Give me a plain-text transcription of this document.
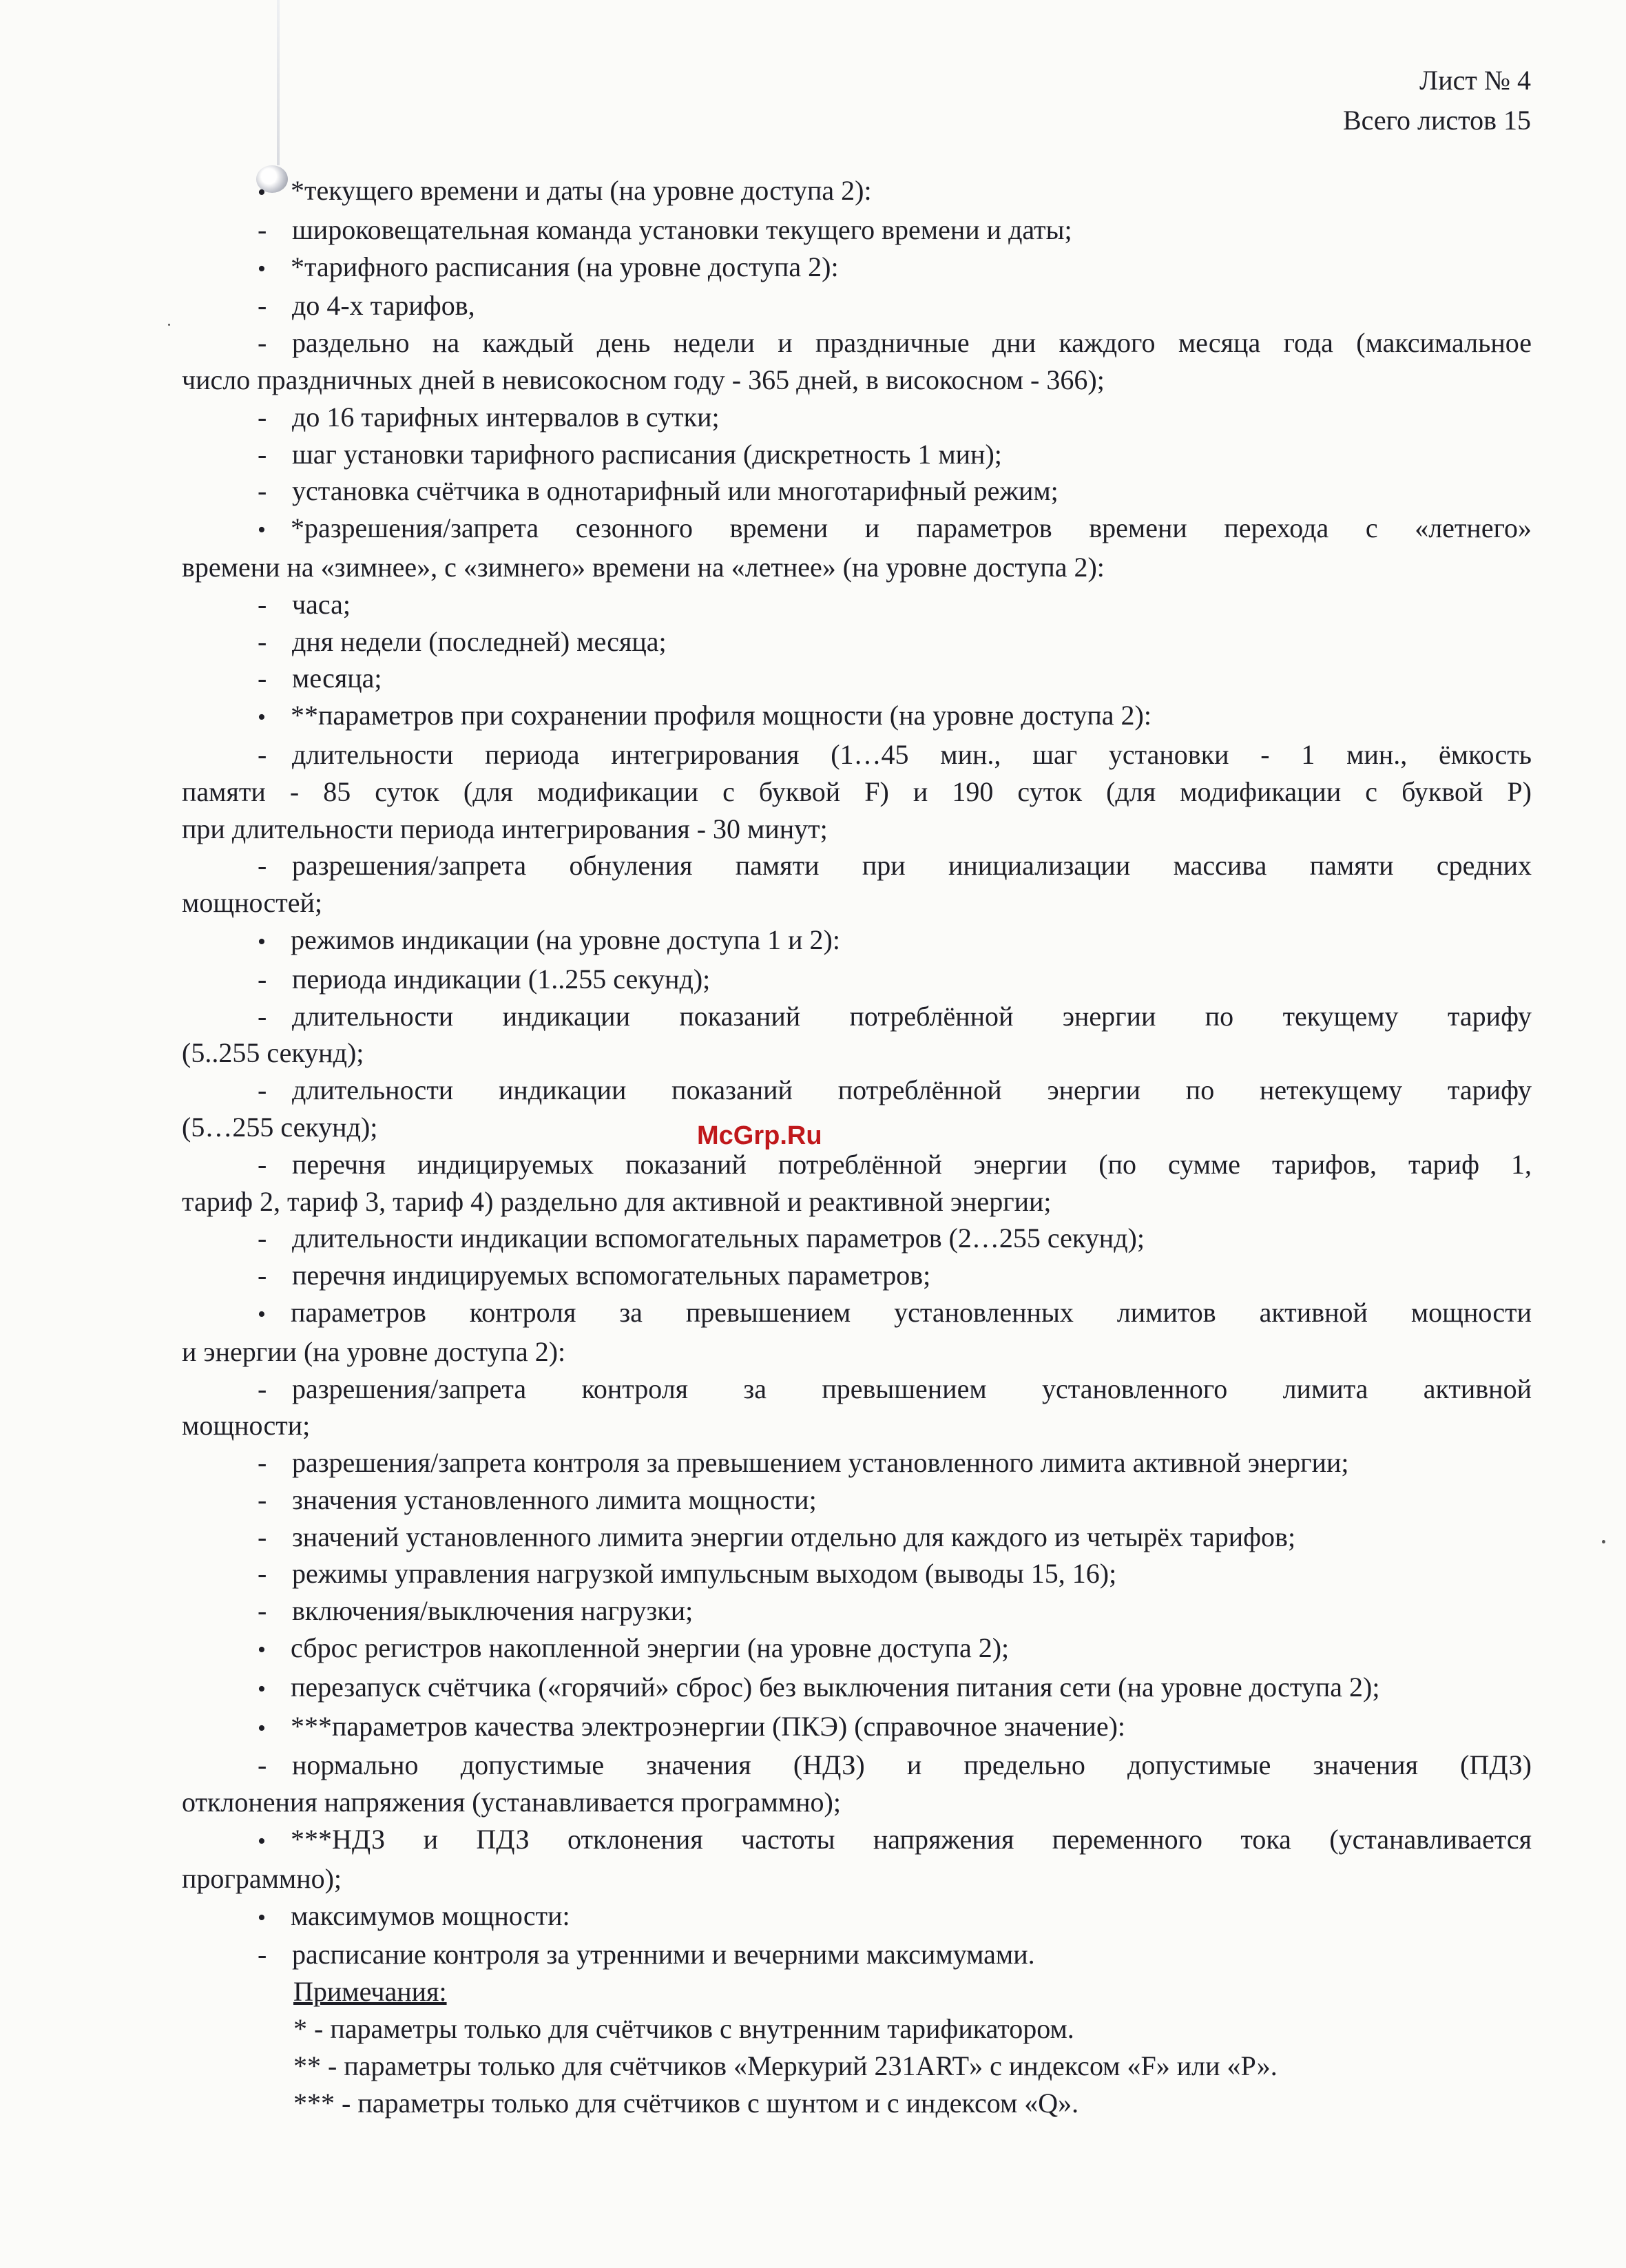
Лист № 4
Всего листов 15
• *текущего времени и даты (на уровне доступа 2):
- широковещательная команда установки текущего времени и даты;
• *тарифного расписания (на уровне доступа 2):
- до 4-х тарифов,
- раздельно на каждый день недели и праздничные дни каждого месяца года (максимальное
число праздничных дней в невисокосном году - 365 дней, в високосном - 366);
- до 16 тарифных интервалов в сутки;
- шаг установки тарифного расписания (дискретность 1 мин);
- установка счётчика в однотарифный или многотарифный режим;
• *разрешения/запрета сезонного времени и параметров времени перехода с «летнего»
времени на «зимнее», с «зимнего» времени на «летнее» (на уровне доступа 2):
- часа;
- дня недели (последней) месяца;
- месяца;
• **параметров при сохранении профиля мощности (на уровне доступа 2):
- длительности периода интегрирования (1…45 мин., шаг установки - 1 мин., ёмкость
памяти - 85 суток (для модификации с буквой F) и 190 суток (для модификации с буквой Р)
при длительности периода интегрирования - 30 минут;
- разрешения/запрета обнуления памяти при инициализации массива памяти средних
мощностей;
• режимов индикации (на уровне доступа 1 и 2):
- периода индикации (1..255 секунд);
- длительности индикации показаний потреблённой энергии по текущему тарифу
(5..255 секунд);
- длительности индикации показаний потреблённой энергии по нетекущему тарифу
(5…255 секунд);
- перечня индицируемых показаний потреблённой энергии (по сумме тарифов, тариф 1,
тариф 2, тариф 3, тариф 4) раздельно для активной и реактивной энергии;
- длительности индикации вспомогательных параметров (2…255 секунд);
- перечня индицируемых вспомогательных параметров;
• параметров контроля за превышением установленных лимитов активной мощности
и энергии (на уровне доступа 2):
- разрешения/запрета контроля за превышением установленного лимита активной
мощности;
- разрешения/запрета контроля за превышением установленного лимита активной энергии;
- значения установленного лимита мощности;
- значений установленного лимита энергии отдельно для каждого из четырёх тарифов;
- режимы управления нагрузкой импульсным выходом (выводы 15, 16);
- включения/выключения нагрузки;
• сброс регистров накопленной энергии (на уровне доступа 2);
• перезапуск счётчика («горячий» сброс) без выключения питания сети (на уровне доступа 2);
• ***параметров качества электроэнергии (ПКЭ) (справочное значение):
- нормально допустимые значения (НДЗ) и предельно допустимые значения (ПДЗ)
отклонения напряжения (устанавливается программно);
• ***НДЗ и ПДЗ отклонения частоты напряжения переменного тока (устанавливается
программно);
• максимумов мощности:
- расписание контроля за утренними и вечерними максимумами.
Примечания:
* - параметры только для счётчиков с внутренним тарификатором.
** - параметры только для счётчиков «Меркурий 231ART» с индексом «F» или «Р».
*** - параметры только для счётчиков с шунтом и с индексом «Q».
McGrp.Ru
